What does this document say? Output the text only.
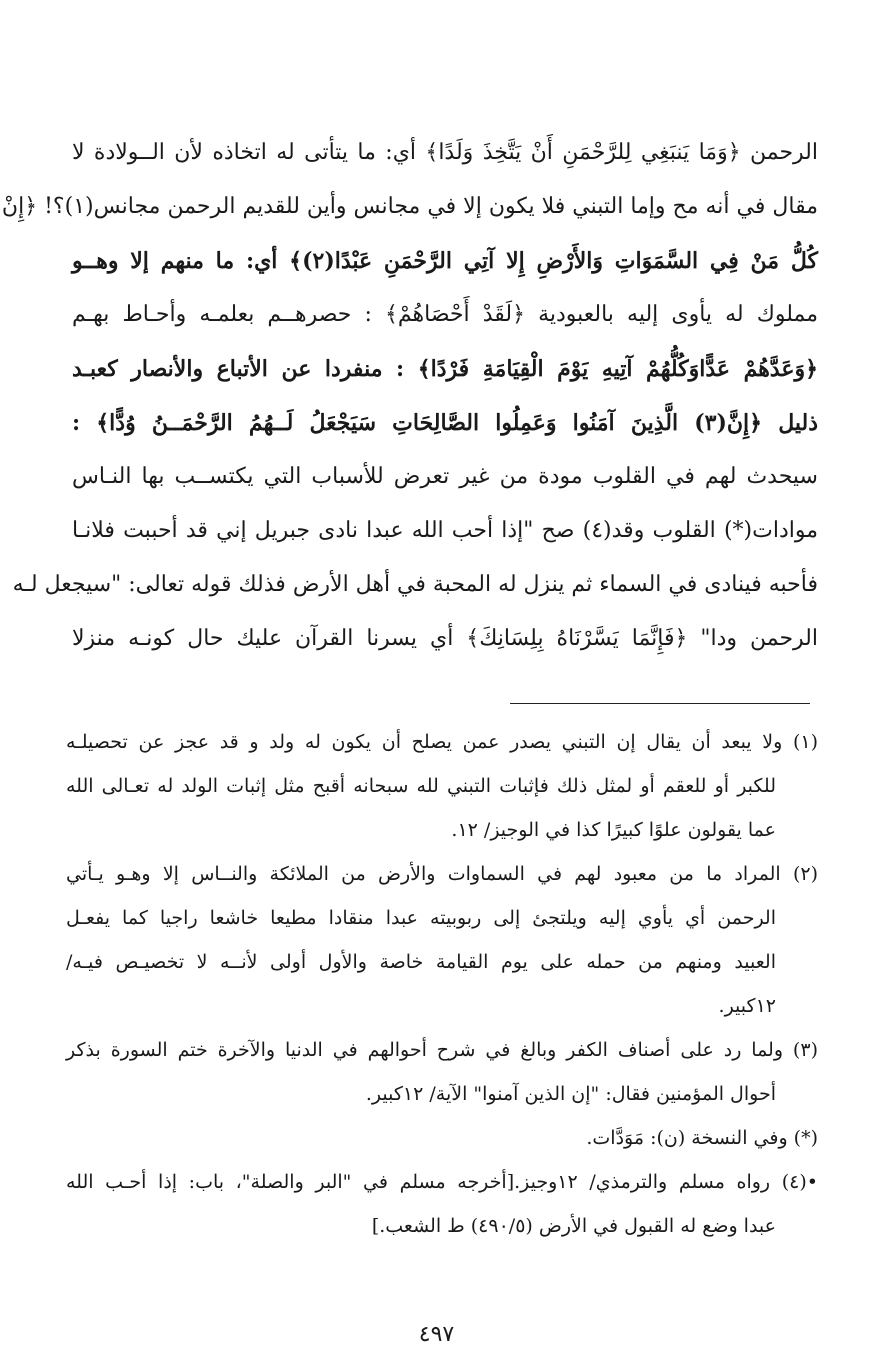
الرحمن ﴿وَمَا يَنبَغِي لِلرَّحْمَنِ أَنْ يَتَّخِذَ وَلَدًا﴾ أي: ما يتأتى له اتخاذه لأن الــولادة لا
مقال في أنه مح وإما التبني فلا يكون إلا في مجانس وأين للقديم الرحمن مجانس(١)؟! ﴿إِنْ
كُلُّ مَنْ فِي السَّمَوَاتِ وَالأَرْضِ إِلا آتِي الرَّحْمَنِ عَبْدًا(٢)﴾ أي: ما منهم إلا وهــو
مملوك له يأوى إليه بالعبودية ﴿لَقَدْ أَحْصَاهُمْ﴾ : حصرهــم بعلمـه وأحـاط بهـم
﴿وَعَدَّهُمْ عَدًّاوَكُلُّهُمْ آتِيهِ يَوْمَ الْقِيَامَةِ فَرْدًا﴾ : منفردا عن الأتباع والأنصار كعبـد
ذليل ﴿إِنَّ(٣) الَّذِينَ آمَنُوا وَعَمِلُوا الصَّالِحَاتِ سَيَجْعَلُ لَــهُمُ الرَّحْمَــنُ وُدًّا﴾ :
سيحدث لهم في القلوب مودة من غير تعرض للأسباب التي يكتســب بها النـاس
موادات(*) القلوب وقد(٤) صح "إذا أحب الله عبدا نادى جبريل إني قد أحببت فلانـا
فأحبه فينادى في السماء ثم ينزل له المحبة في أهل الأرض فذلك قوله تعالى: "سيجعل لـه
الرحمن ودا" ﴿فَإِنَّمَا يَسَّرْنَاهُ بِلِسَانِكَ﴾ أي يسرنا القرآن عليك حال كونـه منزلا
(١) ولا يبعد أن يقال إن التبني يصدر عمن يصلح أن يكون له ولد و قد عجز عن تحصيلـه
للكبر أو للعقم أو لمثل ذلك فإثبات التبني لله سبحانه أقبح مثل إثبات الولد له تعـالى الله
عما يقولون علوًا كبيرًا كذا في الوجيز/ ١٢.
(٢) المراد ما من معبود لهم في السماوات والأرض من الملائكة والنــاس إلا وهـو يـأتي
الرحمن أي يأوي إليه ويلتجئ إلى ربوبيته عبدا منقادا مطيعا خاشعا راجيا كما يفعـل
العبيد ومنهم من حمله على يوم القيامة خاصة والأول أولى لأنــه لا تخصيـص فيـه/
١٢كبير.
(٣) ولما رد على أصناف الكفر وبالغ في شرح أحوالهم في الدنيا والآخرة ختم السورة بذكر
أحوال المؤمنين فقال: "إن الذين آمنوا" الآية/ ١٢كبير.
(*) وفي النسخة (ن): مَوَدَّات.
•(٤) رواه مسلم والترمذي/ ١٢وجيز.[أخرجه مسلم في "البر والصلة"، باب: إذا أحـب الله
عبدا وضع له القبول في الأرض (٤٩٠/٥) ط الشعب.]
٤٩٧
